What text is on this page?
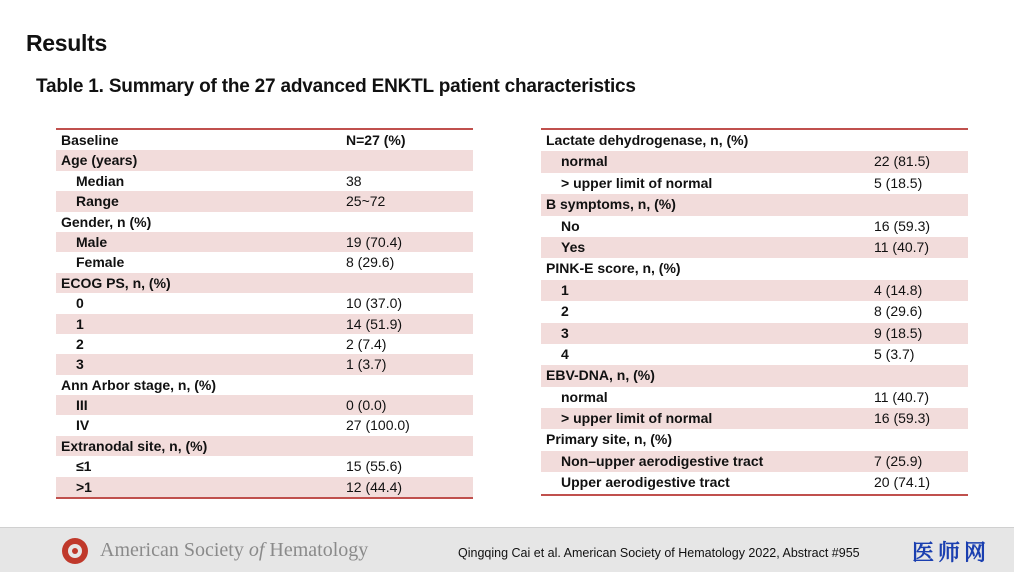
Results
Table 1. Summary of the 27 advanced ENKTL patient characteristics
Baseline	N=27 (%)
Age (years)
Median	38
Range	25~72
Gender, n (%)
Male	19 (70.4)
Female	8 (29.6)
ECOG PS, n, (%)
0	10 (37.0)
1	14 (51.9)
2	2 (7.4)
3	1 (3.7)
Ann Arbor stage, n, (%)
III	0 (0.0)
IV	27 (100.0)
Extranodal site, n, (%)
≤1	15 (55.6)
>1	12 (44.4)
Lactate dehydrogenase, n, (%)
normal	22 (81.5)
> upper limit of normal	5 (18.5)
B symptoms, n, (%)
No	16 (59.3)
Yes	11 (40.7)
PINK-E score, n, (%)
1	4 (14.8)
2	8 (29.6)
3	9 (18.5)
4	5 (3.7)
EBV-DNA, n, (%)
normal	11 (40.7)
> upper limit of normal	16 (59.3)
Primary site, n, (%)
Non–upper aerodigestive tract	7 (25.9)
Upper aerodigestive tract	20 (74.1)
American Society of Hematology	Qingqing Cai et al. American Society of Hematology 2022, Abstract #955 医师网
